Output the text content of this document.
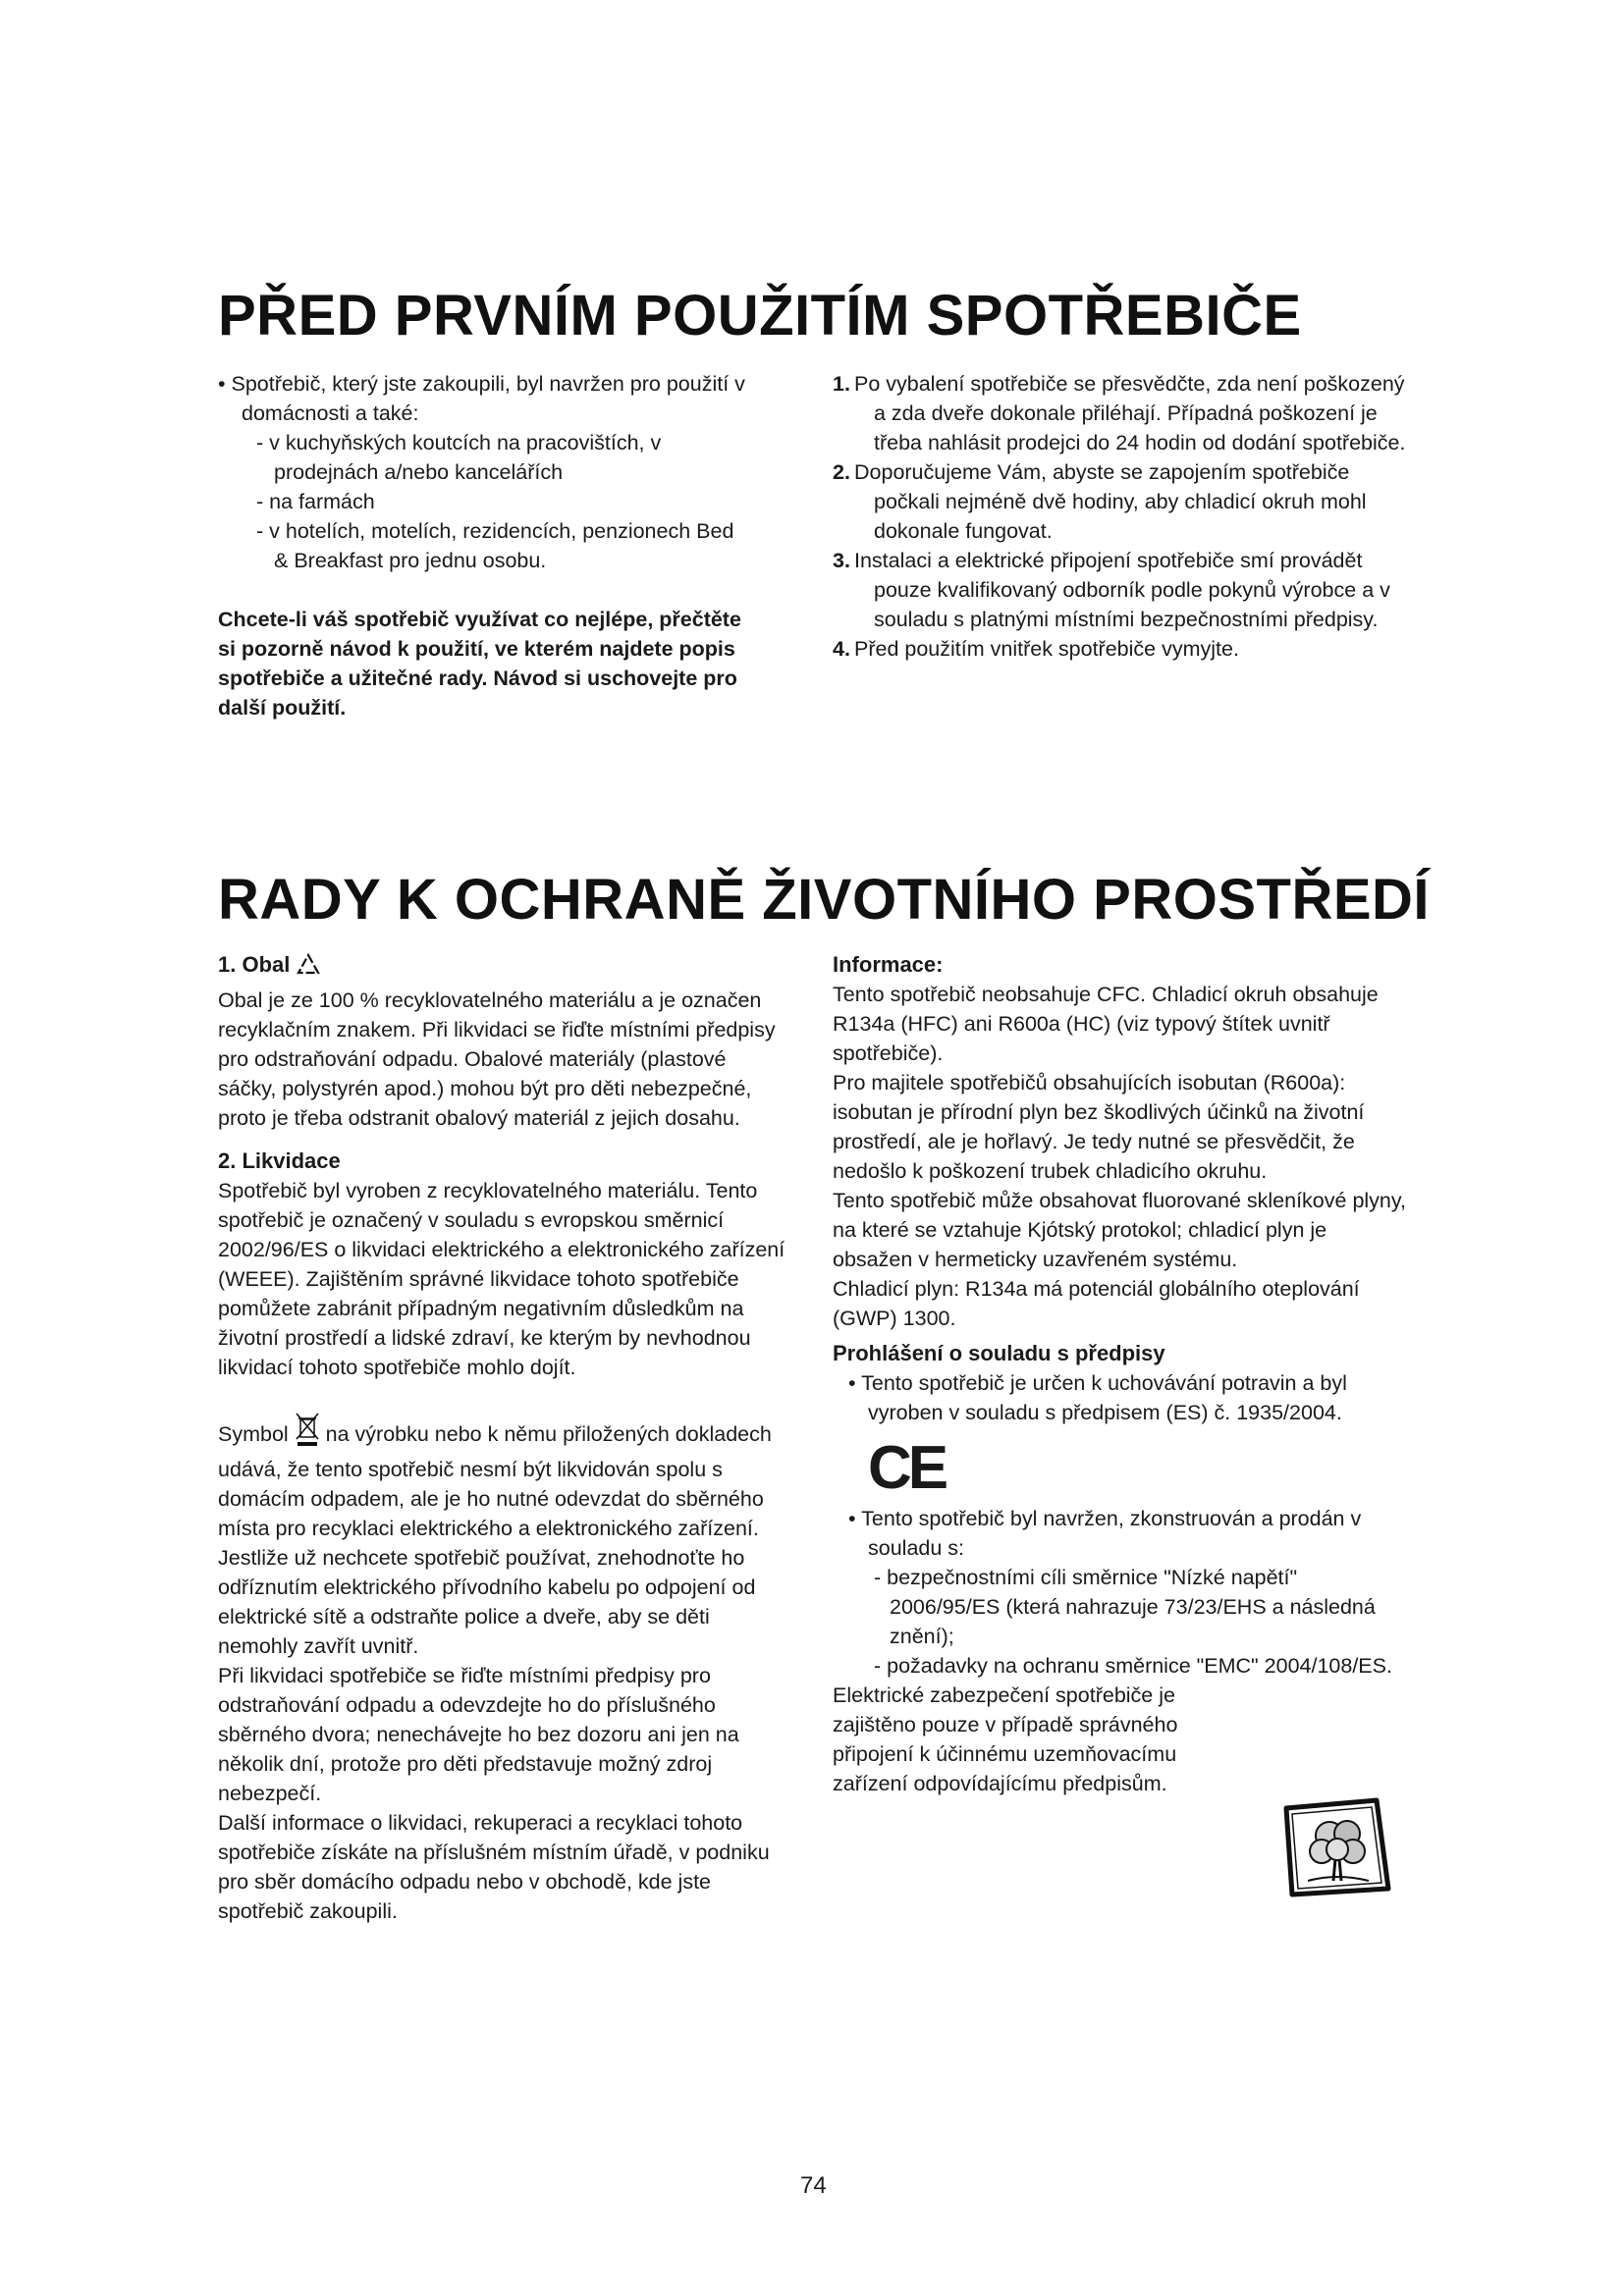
PŘED PRVNÍM POUŽITÍM SPOTŘEBIČE

• Spotřebič, který jste zakoupili, byl navržen pro použití v domácnosti a také:

- v kuchyňských koutcích na pracovištích, v prodejnách a/nebo kancelářích

- na farmách

- v hotelích, motelích, rezidencích, penzionech Bed & Breakfast pro jednu osobu.

Chcete-li váš spotřebič využívat co nejlépe, přečtěte si pozorně návod k použití, ve kterém najdete popis spotřebiče a užitečné rady. Návod si uschovejte pro další použití.

1. Po vybalení spotřebiče se přesvědčte, zda není poškozený a zda dveře dokonale přiléhají. Případná poškození je třeba nahlásit prodejci do 24 hodin od dodání spotřebiče.

2. Doporučujeme Vám, abyste se zapojením spotřebiče počkali nejméně dvě hodiny, aby chladicí okruh mohl dokonale fungovat.

3. Instalaci a elektrické připojení spotřebiče smí provádět pouze kvalifikovaný odborník podle pokynů výrobce a v souladu s platnými místními bezpečnostními předpisy.

4. Před použitím vnitřek spotřebiče vymyjte.

RADY K OCHRANĚ ŽIVOTNÍHO PROSTŘEDÍ

1. Obal

Obal je ze 100 % recyklovatelného materiálu a je označen recyklačním znakem. Při likvidaci se řiďte místními předpisy pro odstraňování odpadu. Obalové materiály (plastové sáčky, polystyrén apod.) mohou být pro děti nebezpečné, proto je třeba odstranit obalový materiál z jejich dosahu.

2. Likvidace

Spotřebič byl vyroben z recyklovatelného materiálu. Tento spotřebič je označený v souladu s evropskou směrnicí 2002/96/ES o likvidaci elektrického a elektronického zařízení (WEEE). Zajištěním správné likvidace tohoto spotřebiče pomůžete zabránit případným negativním důsledkům na životní prostředí a lidské zdraví, ke kterým by nevhodnou likvidací tohoto spotřebiče mohlo dojít.

Symbol  na výrobku nebo k němu přiložených dokladech udává, že tento spotřebič nesmí být likvidován spolu s domácím odpadem, ale je ho nutné odevzdat do sběrného místa pro recyklaci elektrického a elektronického zařízení.

Jestliže už nechcete spotřebič používat, znehodnoťte ho odříznutím elektrického přívodního kabelu po odpojení od elektrické sítě a odstraňte police a dveře, aby se děti nemohly zavřít uvnitř.

Při likvidaci spotřebiče se řiďte místními předpisy pro odstraňování odpadu a odevzdejte ho do příslušného sběrného dvora; nenechávejte ho bez dozoru ani jen na několik dní, protože pro děti představuje možný zdroj nebezpečí.

Další informace o likvidaci, rekuperaci a recyklaci tohoto spotřebiče získáte na příslušném místním úřadě, v podniku pro sběr domácího odpadu nebo v obchodě, kde jste spotřebič zakoupili.

Informace:

Tento spotřebič neobsahuje CFC. Chladicí okruh obsahuje R134a (HFC) ani R600a (HC) (viz typový štítek uvnitř spotřebiče).

Pro majitele spotřebičů obsahujících isobutan (R600a): isobutan je přírodní plyn bez škodlivých účinků na životní prostředí, ale je hořlavý. Je tedy nutné se přesvědčit, že nedošlo k poškození trubek chladicího okruhu.

Tento spotřebič může obsahovat fluorované skleníkové plyny, na které se vztahuje Kjótský protokol; chladicí plyn je obsažen v hermeticky uzavřeném systému.

Chladicí plyn: R134a má potenciál globálního oteplování (GWP) 1300.

Prohlášení o souladu s předpisy

• Tento spotřebič je určen k uchovávání potravin a byl vyroben v souladu s předpisem (ES) č. 1935/2004.

CE

• Tento spotřebič byl navržen, zkonstruován a prodán v souladu s:

- bezpečnostními cíli směrnice "Nízké napětí" 2006/95/ES (která nahrazuje 73/23/EHS a následná znění);

- požadavky na ochranu směrnice "EMC" 2004/108/ES.

Elektrické zabezpečení spotřebiče je zajištěno pouze v případě správného připojení k účinnému uzemňovacímu zařízení odpovídajícímu předpisům.

74
